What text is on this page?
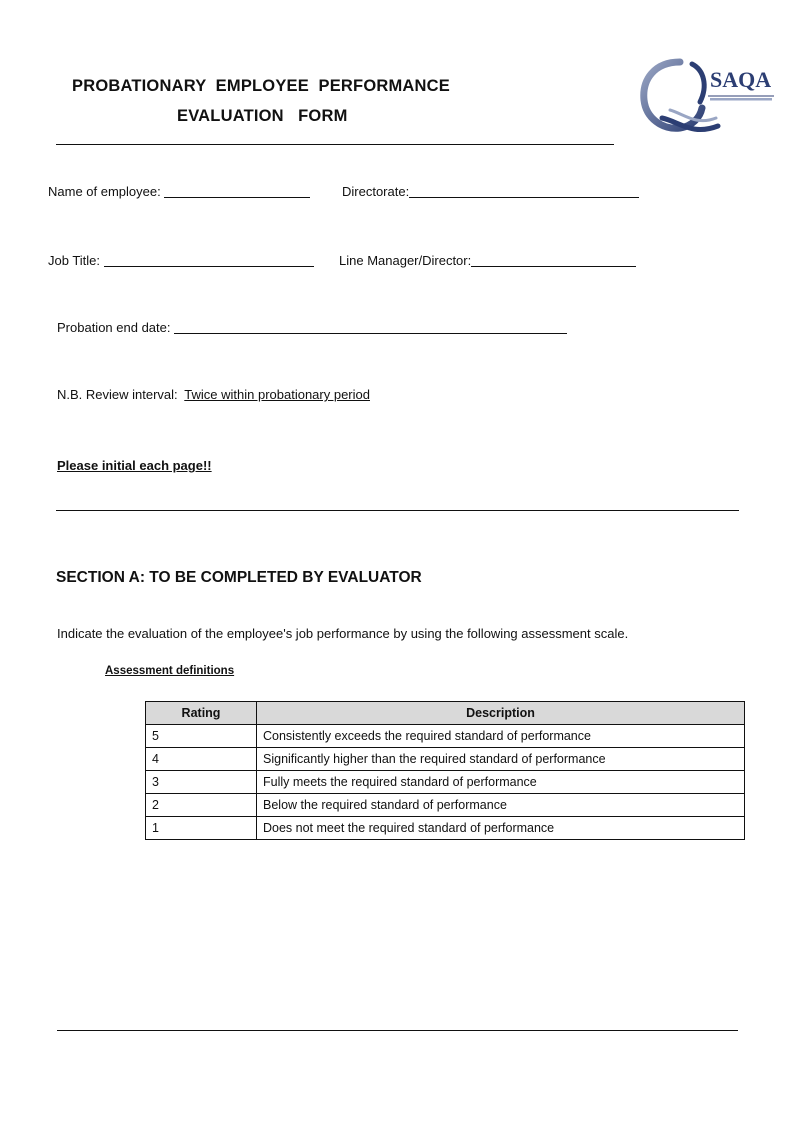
PROBATIONARY  EMPLOYEE  PERFORMANCE
EVALUATION   FORM
SAQA
Name of employee:	Directorate:
Job Title:	Line Manager/Director:
Probation end date:
N.B. Review interval: Twice within probationary period
Please initial each page!!
SECTION A: TO BE COMPLETED BY EVALUATOR
Indicate the evaluation of the employee's job performance by using the following assessment scale.
Assessment definitions
Rating	Description
5	Consistently exceeds the required standard of performance
4	Significantly higher than the required standard of performance
3	Fully meets the required standard of performance
2	Below the required standard of performance
1	Does not meet the required standard of performance
